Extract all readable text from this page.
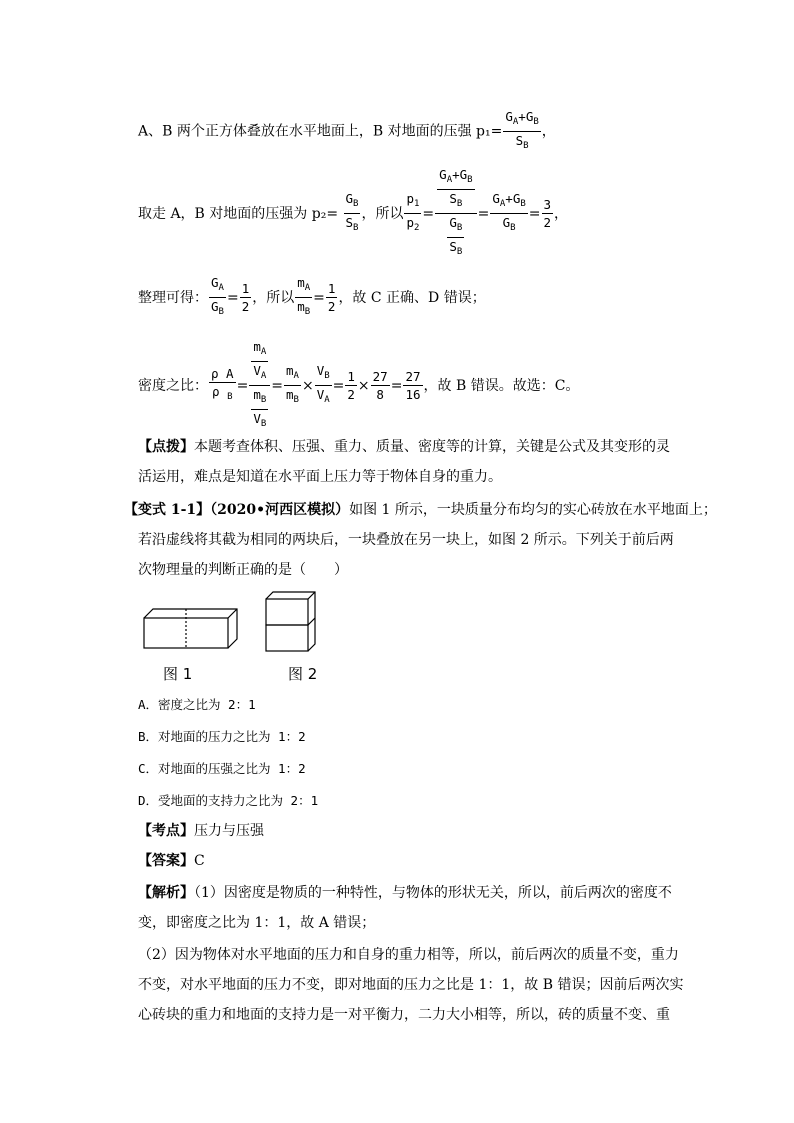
A、B 两个正方体叠放在水平地面上，B 对地面的压强 $p_1= \frac{G_A+G_B}{S_B}$ ，
取走 A，B 对地面的压强为 $p_2= \frac{G_B}{S_B}$ ，所以 $\frac{p_1}{p_2} = \frac{\frac{G_A+G_B}{S_B}}{\frac{G_B}{S_B}} = \frac{G_A+G_B}{G_B} = \frac{3}{2}$ ，
整理可得： $\frac{G_A}{G_B} = \frac{1}{2}$ ，所以 $\frac{m_A}{m_B} = \frac{1}{2}$ ，故 C 正确、D 错误；
密度之比： $\frac{\text{ρ A}}{\rho _B} = \frac{\frac{m_A}{V_A}}{\frac{m_B}{V_B}} = \frac{m_A}{m_B} \times \frac{V_B}{V_A} = \frac{1}{2} \times \frac{27}{8} = \frac{27}{16}$ ，故 B 错误。故选：C。
【点拨】本题考查体积、压强、重力、质量、密度等的计算，关键是公式及其变形的灵
活运用，难点是知道在水平面上压力等于物体自身的重力。
【变式 1-1】（2020•河西区模拟）如图 1 所示，一块质量分布均匀的实心砖放在水平地面上；
若沿虚线将其截为相同的两块后，一块叠放在另一块上，如图 2 所示。下列关于前后两
次物理量的判断正确的是（　　）
图 1	图 2
A．密度之比为 2：1
B．对地面的压力之比为 1：2
C．对地面的压强之比为 1：2
D．受地面的支持力之比为 2：1
【考点】压力与压强
【答案】C
【解析】（1）因密度是物质的一种特性，与物体的形状无关，所以，前后两次的密度不
变，即密度之比为 1：1，故 A 错误；
（2）因为物体对水平地面的压力和自身的重力相等，所以，前后两次的质量不变，重力
不变，对水平地面的压力不变，即对地面的压力之比是 1：1，故 B 错误；因前后两次实
心砖块的重力和地面的支持力是一对平衡力，二力大小相等，所以，砖的质量不变、重
